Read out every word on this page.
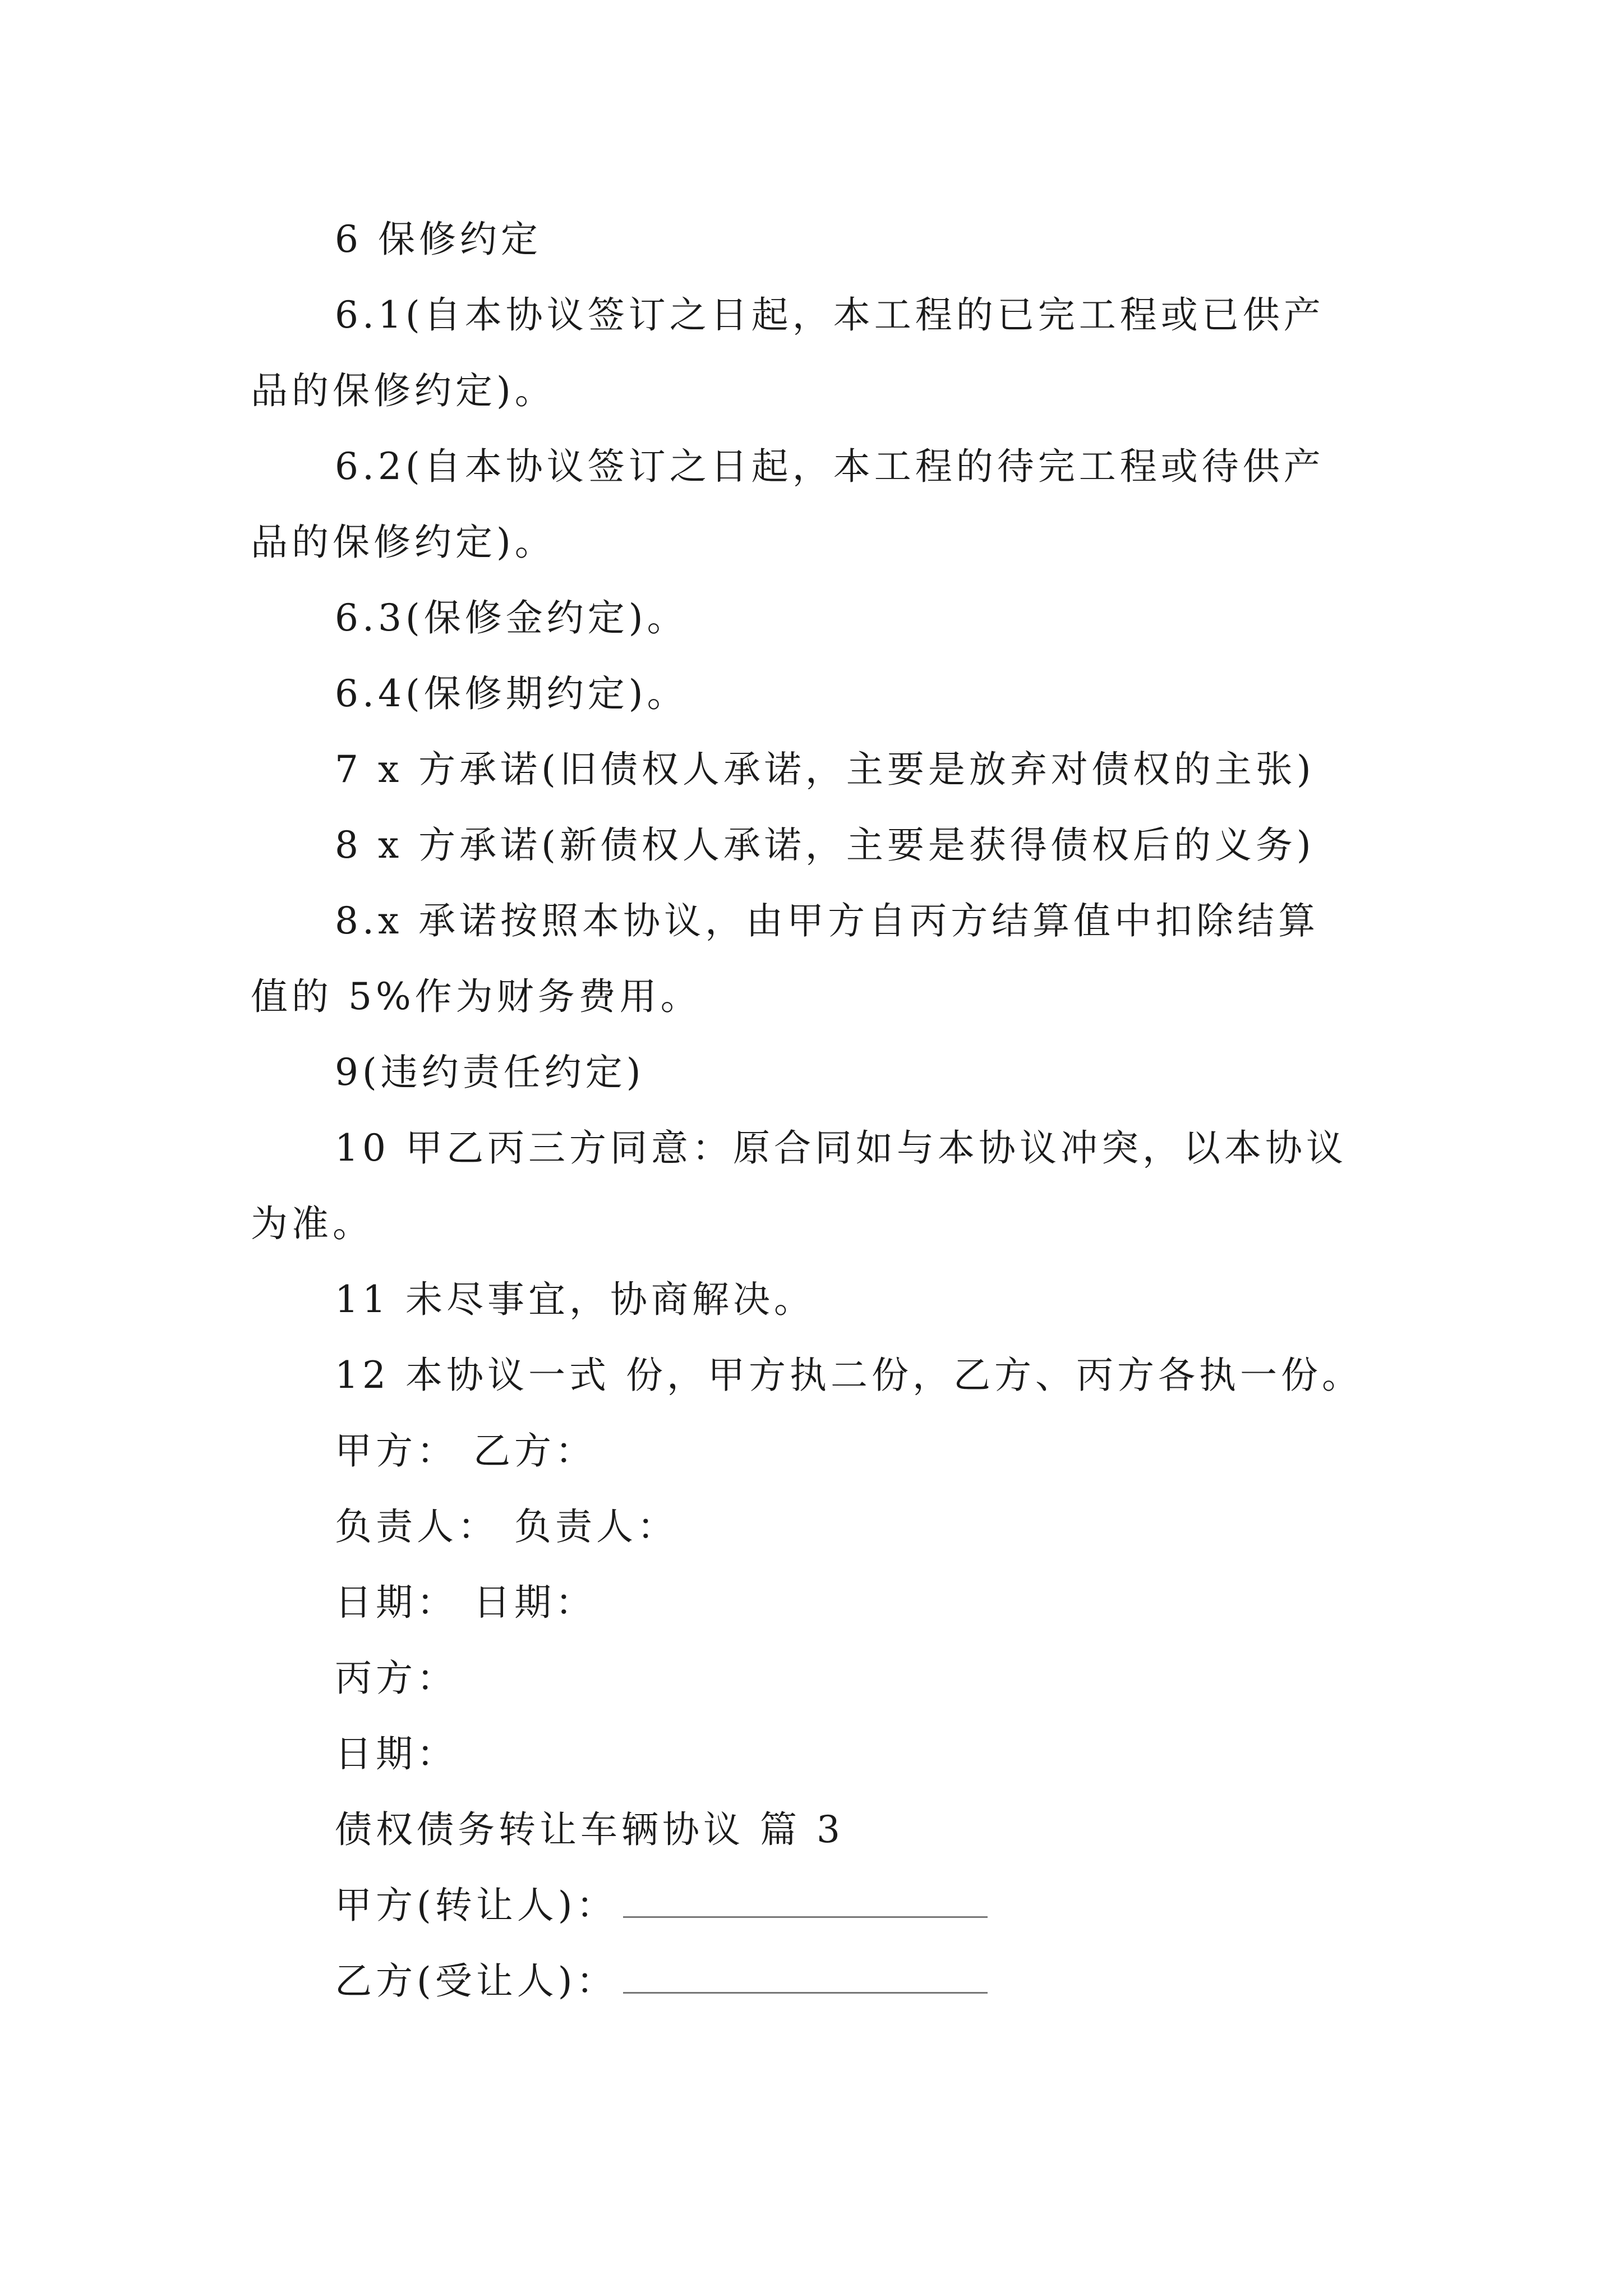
6 保修约定

6.1(自本协议签订之日起，本工程的已完工程或已供产

品的保修约定)。

6.2(自本协议签订之日起，本工程的待完工程或待供产

品的保修约定)。

6.3(保修金约定)。

6.4(保修期约定)。

7 x 方承诺(旧债权人承诺，主要是放弃对债权的主张)

8 x 方承诺(新债权人承诺，主要是获得债权后的义务)

8.x 承诺按照本协议，由甲方自丙方结算值中扣除结算

值的 5%作为财务费用。

9(违约责任约定)

10 甲乙丙三方同意：原合同如与本协议冲突，以本协议

为准。

11 未尽事宜，协商解决。

12 本协议一式 份，甲方执二份，乙方、丙方各执一份。

甲方： 乙方：

负责人： 负责人：

日期： 日期：

丙方：

日期：

债权债务转让车辆协议 篇 3

甲方(转让人)：

乙方(受让人)：
